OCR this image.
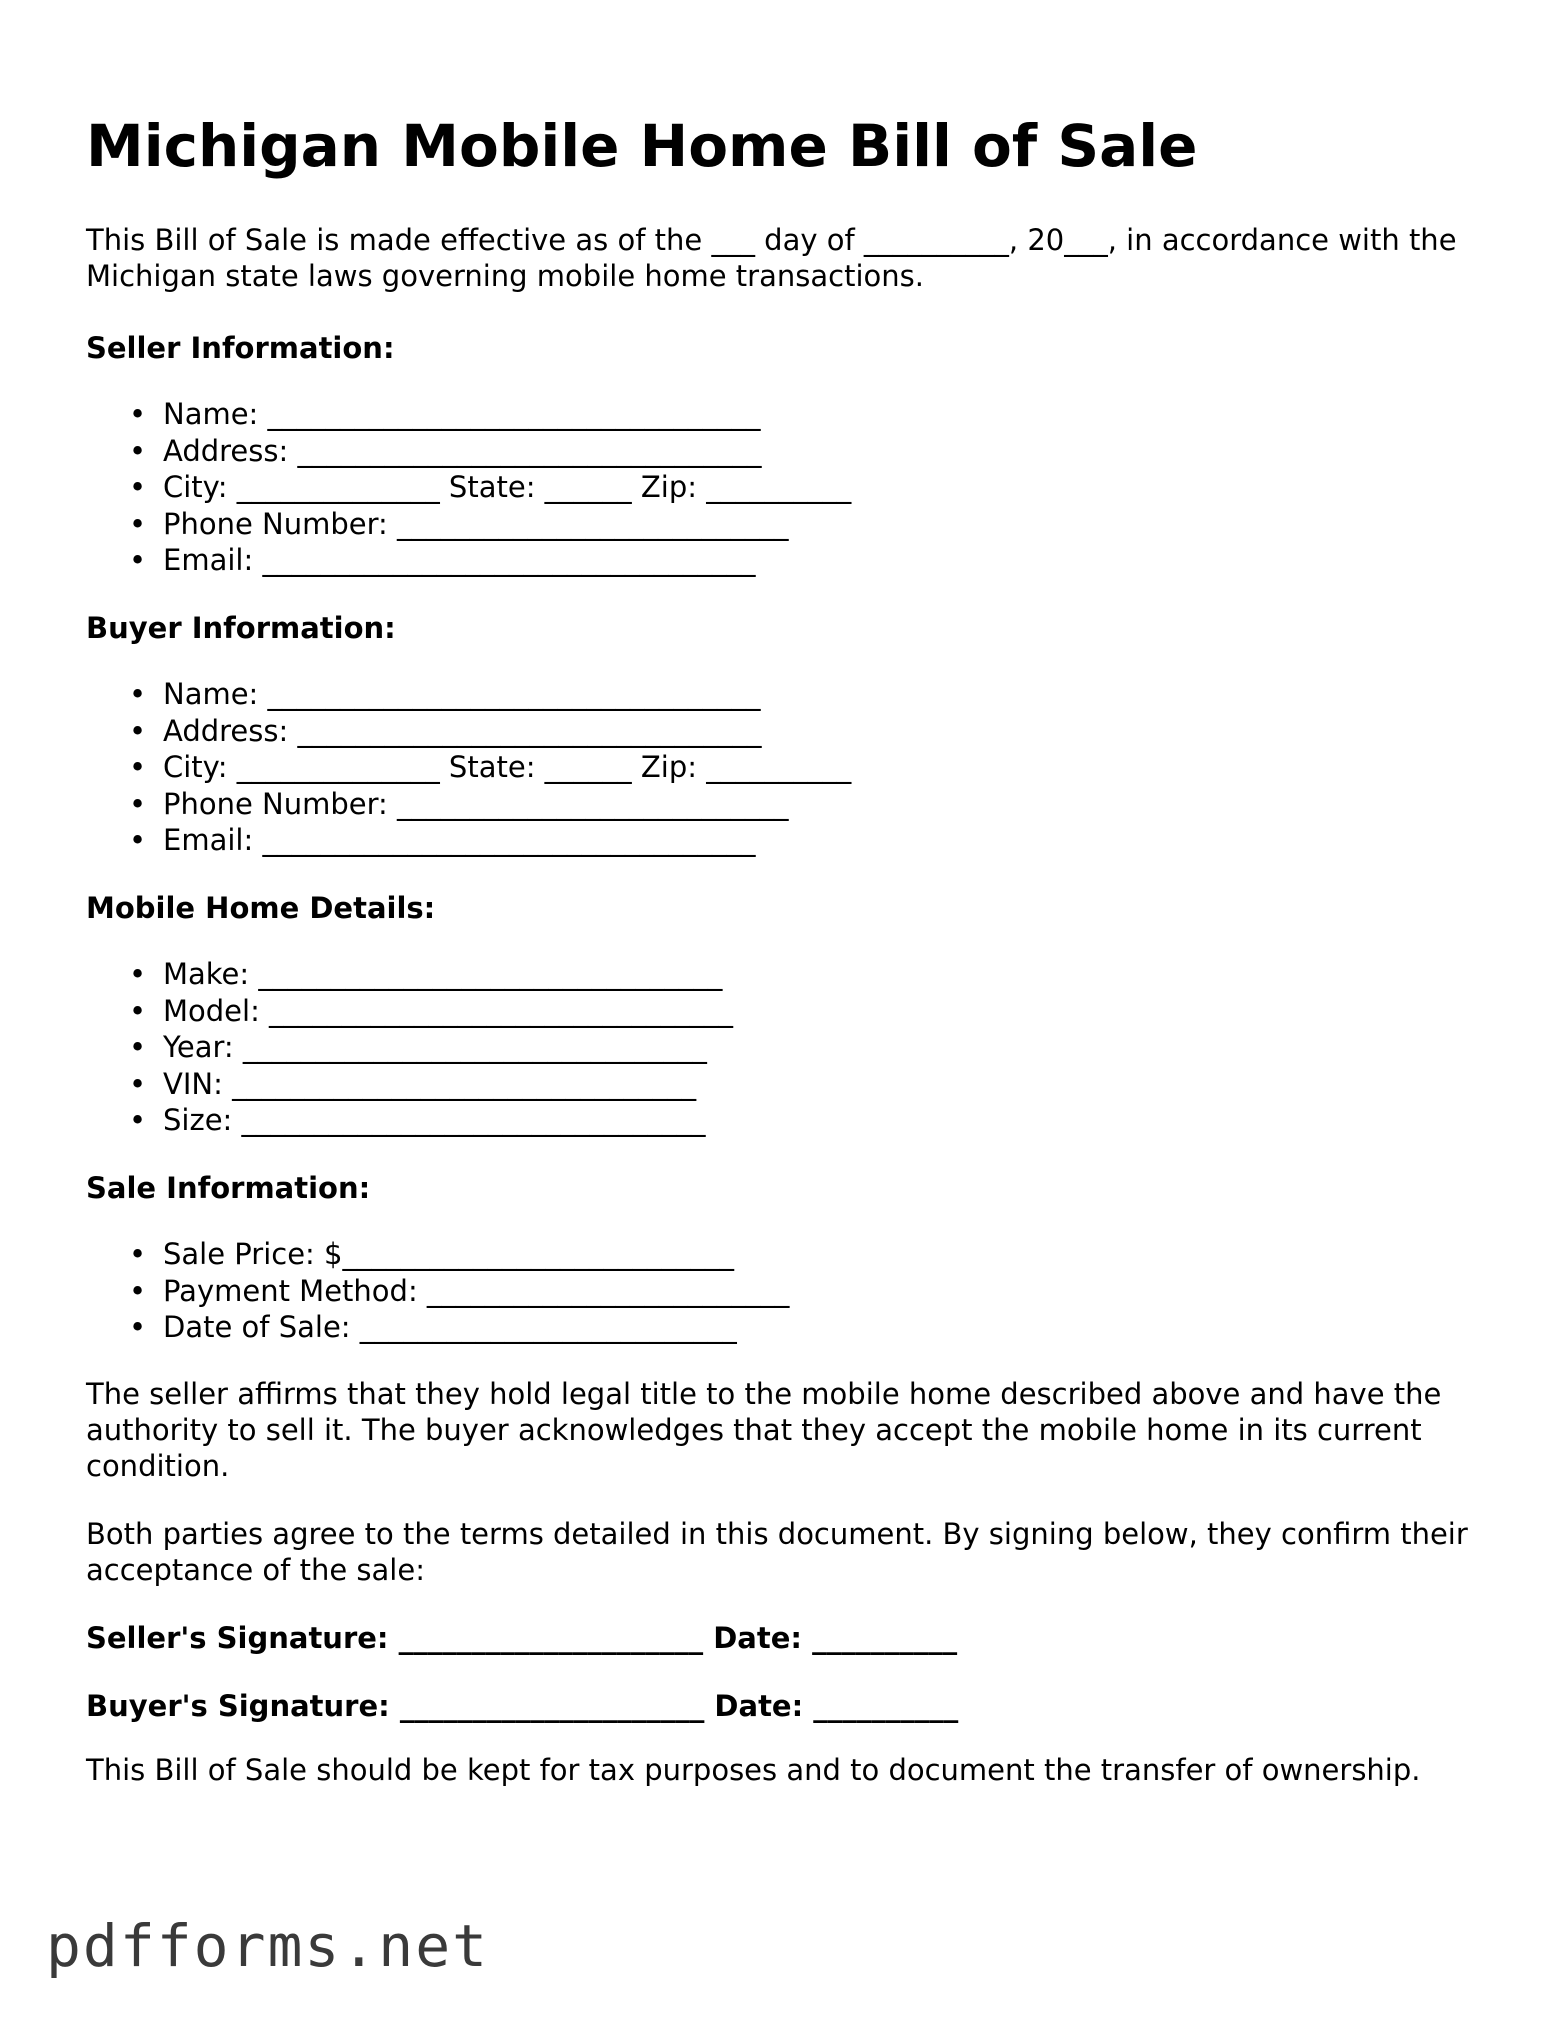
Michigan Mobile Home Bill of Sale

This Bill of Sale is made effective as of the ___ day of __________, 20___, in accordance with the Michigan state laws governing mobile home transactions.

Seller Information:
• Name: __________________________________
• Address: ________________________________
• City: ______________ State: ______ Zip: __________
• Phone Number: ___________________________
• Email: __________________________________
Buyer Information:
• Name: __________________________________
• Address: ________________________________
• City: ______________ State: ______ Zip: __________
• Phone Number: ___________________________
• Email: __________________________________
Mobile Home Details:
• Make: ________________________________
• Model: ________________________________
• Year: ________________________________
• VIN: ________________________________
• Size: ________________________________
Sale Information:
• Sale Price: $___________________________
• Payment Method: _________________________
• Date of Sale: __________________________

The seller affirms that they hold legal title to the mobile home described above and have the authority to sell it. The buyer acknowledges that they accept the mobile home in its current condition.

Both parties agree to the terms detailed in this document. By signing below, they confirm their acceptance of the sale:

Seller's Signature: _____________________ Date: __________

Buyer's Signature: _____________________ Date: __________

This Bill of Sale should be kept for tax purposes and to document the transfer of ownership.

pdfforms.net
